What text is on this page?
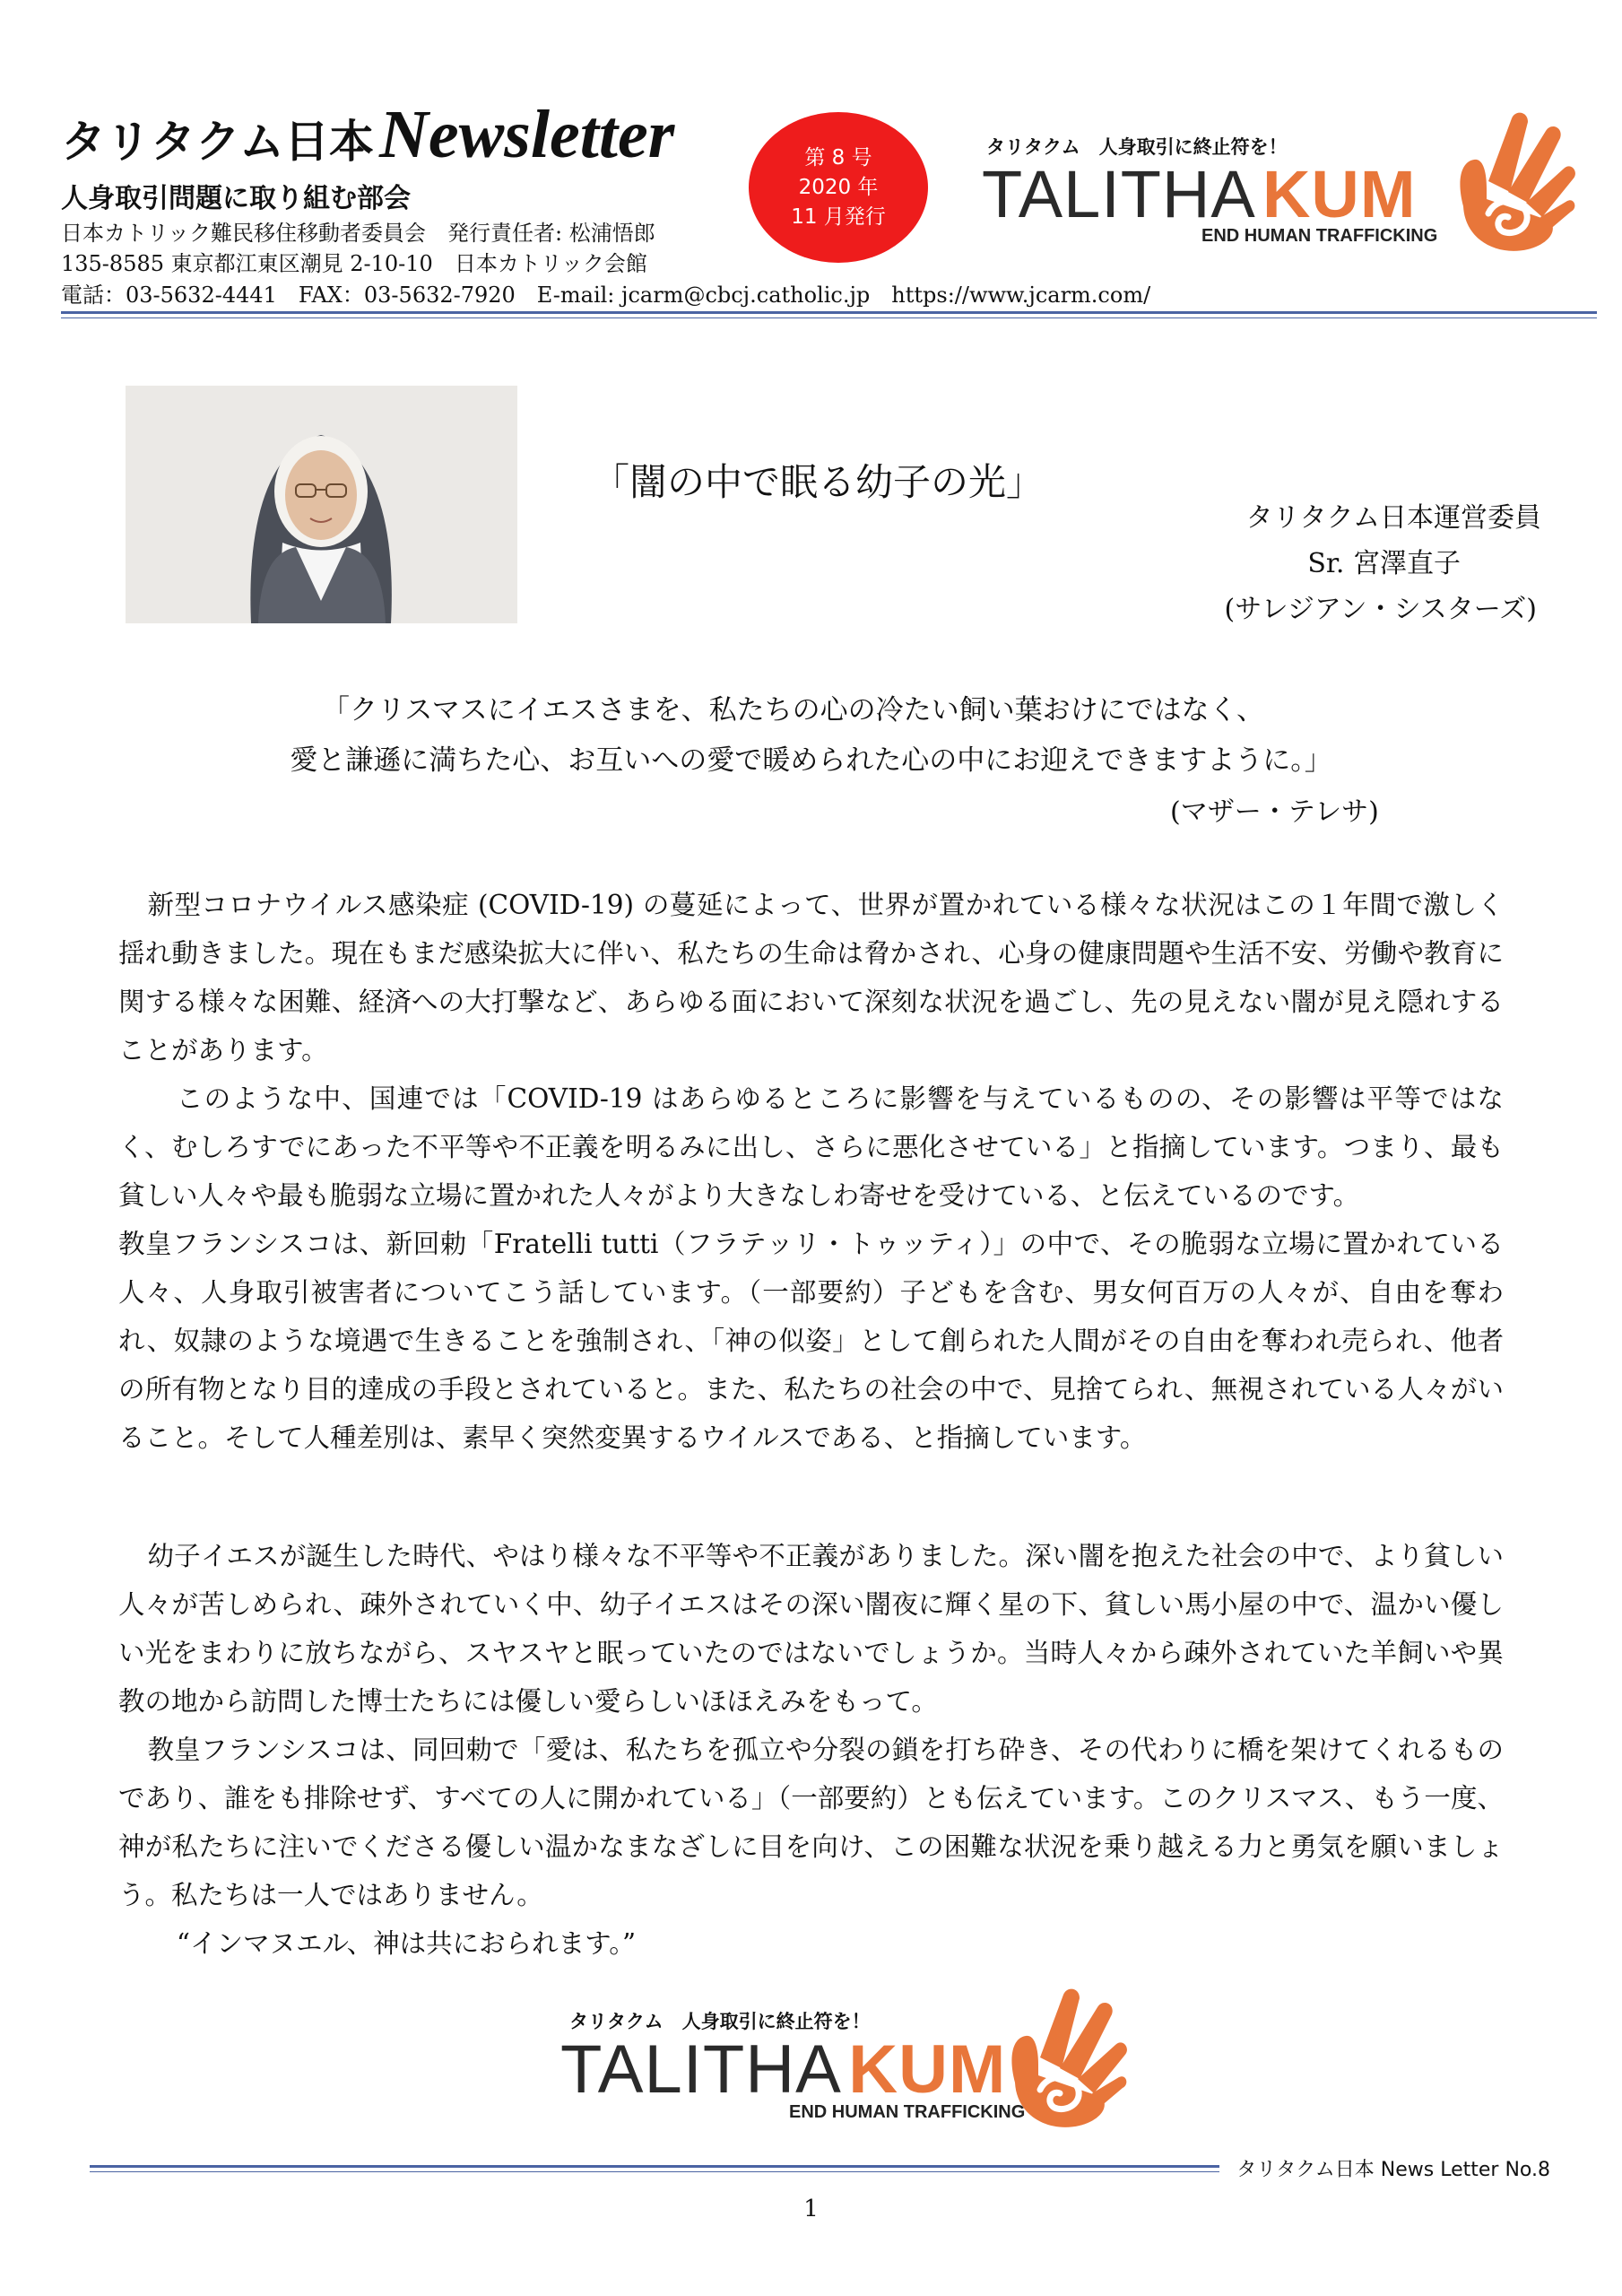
タリタクム日本Newsletter
人身取引問題に取り組む部会
日本カトリック難民移住移動者委員会　発行責任者: 松浦悟郎
135-8585 東京都江東区潮見 2-10-10　日本カトリック会館
電話：03-5632-4441　FAX：03-5632-7920　E-mail: jcarm@cbcj.catholic.jp　https://www.jcarm.com/
第 8 号
2020 年
11 月発行
タリタクム　人身取引に終止符を！
TALITHA KUM
END HUMAN TRAFFICKING
「闇の中で眠る幼子の光」
タリタクム日本運営委員
Sr. 宮澤直子
(サレジアン・シスターズ)
「クリスマスにイエスさまを、私たちの心の冷たい飼い葉おけにではなく、
愛と謙遜に満ちた心、お互いへの愛で暖められた心の中にお迎えできますように。」
(マザー・テレサ)

新型コロナウイルス感染症 (COVID-19) の蔓延によって、世界が置かれている様々な状況はこの１年間で激しく揺れ動きました。現在もまだ感染拡大に伴い、私たちの生命は脅かされ、心身の健康問題や生活不安、労働や教育に関する様々な困難、経済への大打撃など、あらゆる面において深刻な状況を過ごし、先の見えない闇が見え隠れすることがあります。

このような中、国連では「COVID-19 はあらゆるところに影響を与えているものの、その影響は平等ではなく、むしろすでにあった不平等や不正義を明るみに出し、さらに悪化させている」と指摘しています。つまり、最も貧しい人々や最も脆弱な立場に置かれた人々がより大きなしわ寄せを受けている、と伝えているのです。

教皇フランシスコは、新回勅「Fratelli tutti（フラテッリ・トゥッティ）」の中で、その脆弱な立場に置かれている人々、人身取引被害者についてこう話しています。（一部要約）子どもを含む、男女何百万の人々が、自由を奪われ、奴隷のような境遇で生きることを強制され、「神の似姿」として創られた人間がその自由を奪われ売られ、他者の所有物となり目的達成の手段とされていると。また、私たちの社会の中で、見捨てられ、無視されている人々がいること。そして人種差別は、素早く突然変異するウイルスである、と指摘しています。

幼子イエスが誕生した時代、やはり様々な不平等や不正義がありました。深い闇を抱えた社会の中で、より貧しい人々が苦しめられ、疎外されていく中、幼子イエスはその深い闇夜に輝く星の下、貧しい馬小屋の中で、温かい優しい光をまわりに放ちながら、スヤスヤと眠っていたのではないでしょうか。当時人々から疎外されていた羊飼いや異教の地から訪問した博士たちには優しい愛らしいほほえみをもって。

教皇フランシスコは、同回勅で「愛は、私たちを孤立や分裂の鎖を打ち砕き、その代わりに橋を架けてくれるものであり、誰をも排除せず、すべての人に開かれている」（一部要約）とも伝えています。このクリスマス、もう一度、神が私たちに注いでくださる優しい温かなまなざしに目を向け、この困難な状況を乗り越える力と勇気を願いましょう。私たちは一人ではありません。

“インマヌエル、神は共におられます。”

タリタクム　人身取引に終止符を！
TALITHA KUM
END HUMAN TRAFFICKING
タリタクム日本 News Letter No.8
1
